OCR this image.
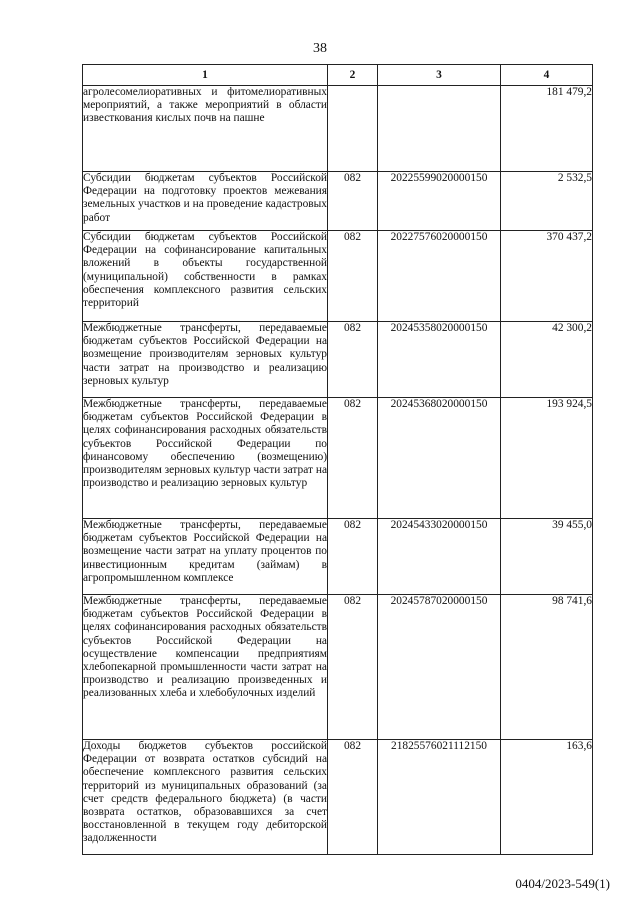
38
1	2	3	4
агролесомелиоративных и фитомелиоративных мероприятий, а также мероприятий в области известкования кислых почв на пашне			181 479,2
Субсидии бюджетам субъектов Российской Федерации на подготовку проектов межевания земельных участков и на проведение кадастровых работ	082	20225599020000150	2 532,5
Субсидии бюджетам субъектов Российской Федерации на софинансирование капитальных вложений в объекты государственной (муниципальной) собственности в рамках обеспечения комплексного развития сельских территорий	082	20227576020000150	370 437,2
Межбюджетные трансферты, передаваемые бюджетам субъектов Российской Федерации на возмещение производителям зерновых культур части затрат на производство и реализацию зерновых культур	082	20245358020000150	42 300,2
Межбюджетные трансферты, передаваемые бюджетам субъектов Российской Федерации в целях софинансирования расходных обязательств субъектов Российской Федерации по финансовому обеспечению (возмещению) производителям зерновых культур части затрат на производство и реализацию зерновых культур	082	20245368020000150	193 924,5
Межбюджетные трансферты, передаваемые бюджетам субъектов Российской Федерации на возмещение части затрат на уплату процентов по инвестиционным кредитам (займам) в агропромышленном комплексе	082	20245433020000150	39 455,0
Межбюджетные трансферты, передаваемые бюджетам субъектов Российской Федерации в целях софинансирования расходных обязательств субъектов Российской Федерации на осуществление компенсации предприятиям хлебопекарной промышленности части затрат на производство и реализацию произведенных и реализованных хлеба и хлебобулочных изделий	082	20245787020000150	98 741,6
Доходы бюджетов субъектов российской Федерации от возврата остатков субсидий на обеспечение комплексного развития сельских территорий из муниципальных образований (за счет средств федерального бюджета) (в части возврата остатков, образовавшихся за счет восстановленной в текущем году дебиторской задолженности	082	21825576021112150	163,6
0404/2023-549(1)
